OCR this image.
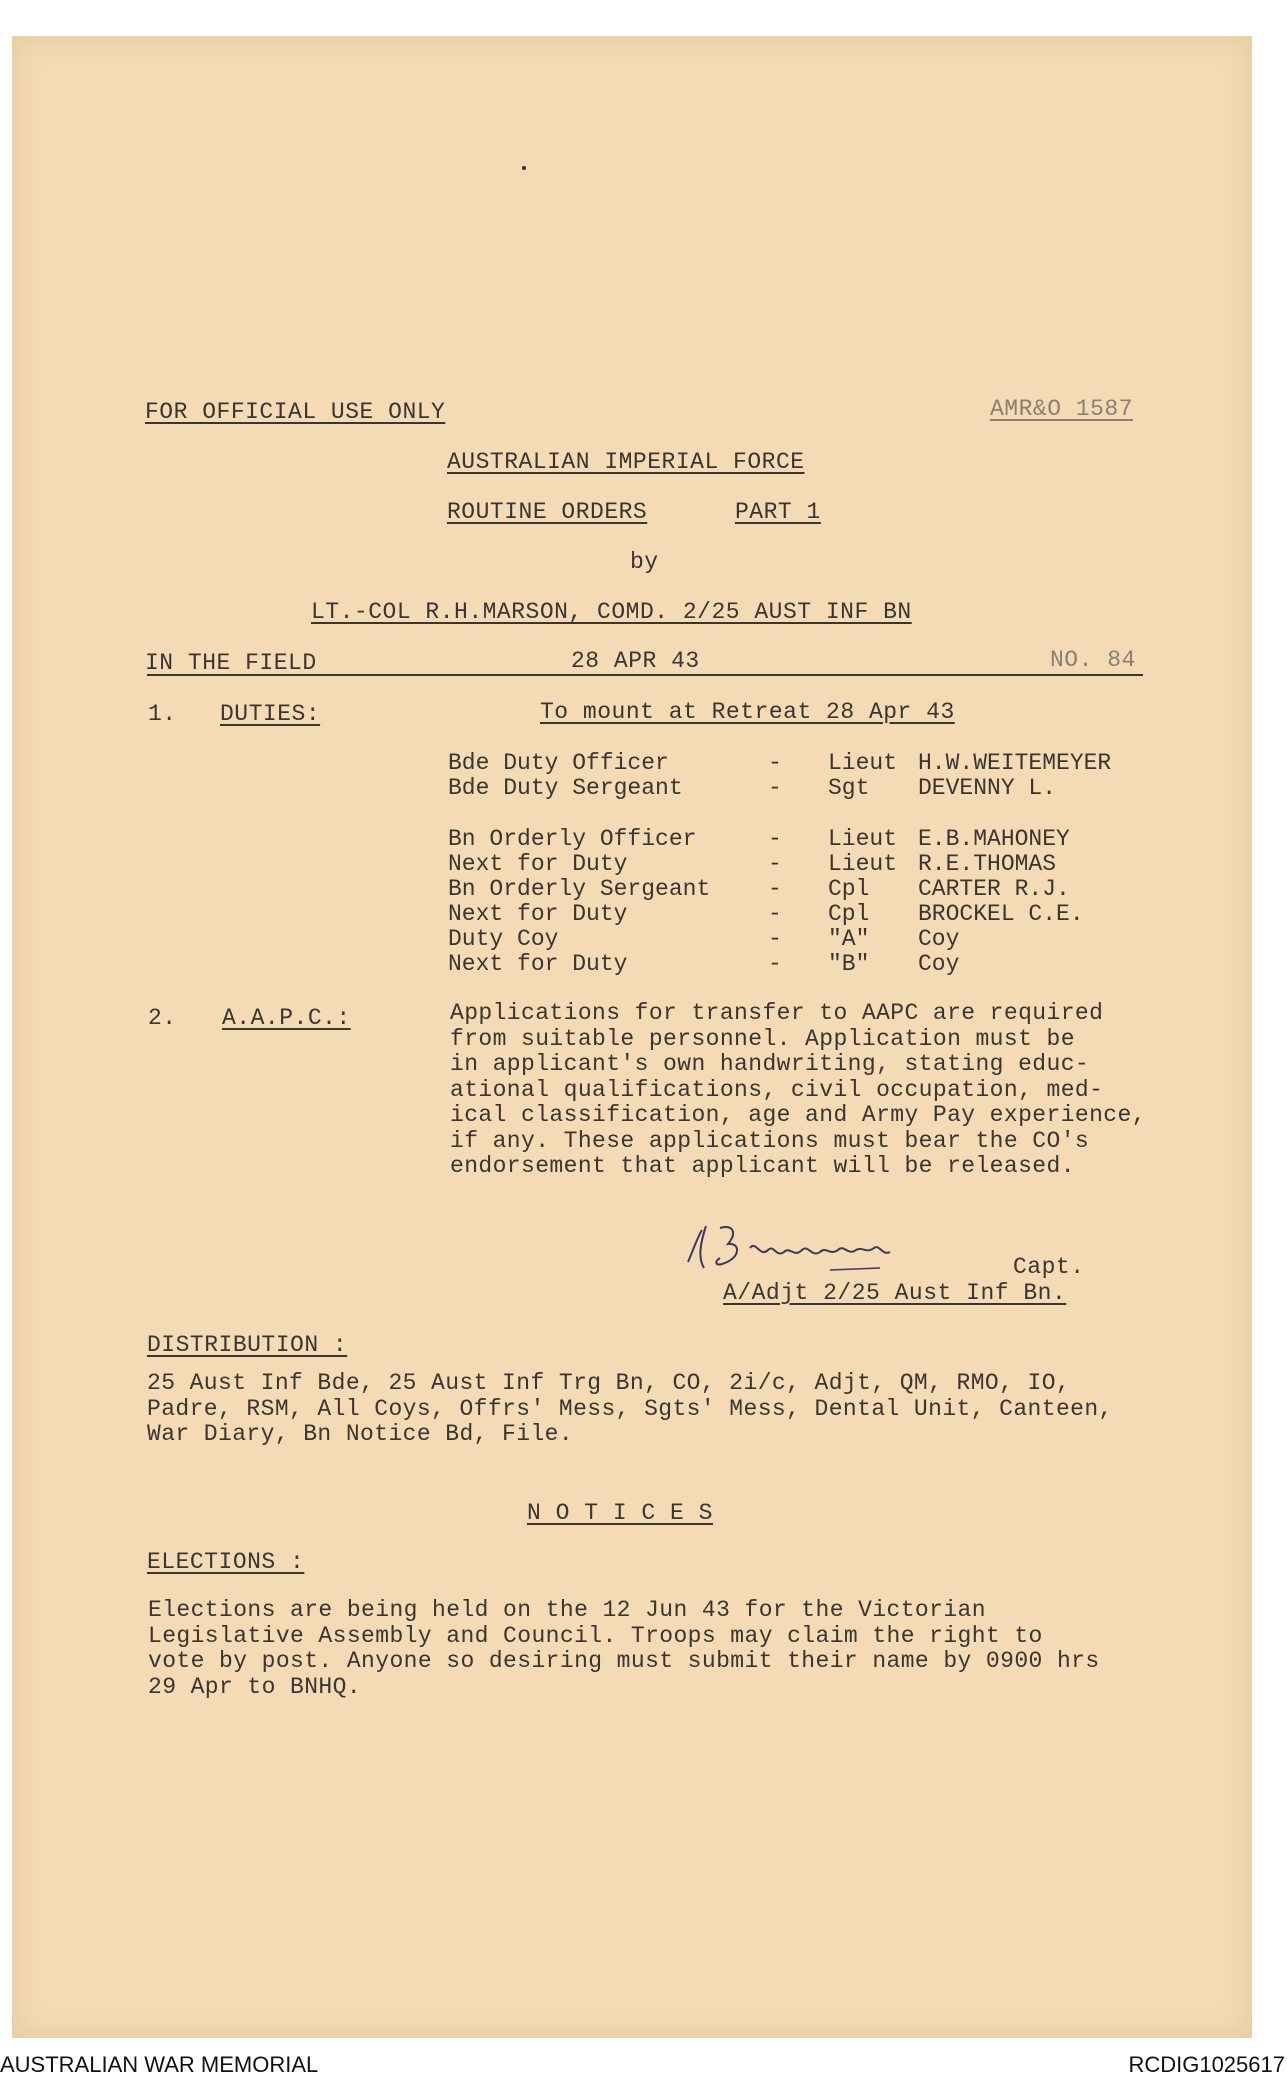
FOR OFFICIAL USE ONLY	AMR&O 1587
AUSTRALIAN IMPERIAL FORCE
ROUTINE ORDERS	PART 1
by
LT.-COL R.H.MARSON, COMD. 2/25 AUST INF BN
IN THE FIELD	28 APR 43	NO. 84
1. DUTIES:	To mount at Retreat 28 Apr 43
Bde Duty Officer	- Lieut H.W.WEITEMEYER
Bde Duty Sergeant	- Sgt DEVENNY L.
Bn Orderly Officer	- Lieut E.B.MAHONEY
Next for Duty	- Lieut R.E.THOMAS
Bn Orderly Sergeant	- Cpl CARTER R.J.
Next for Duty	- Cpl BROCKEL C.E.
Duty Coy	- "A" Coy
Next for Duty	- "B" Coy
2. A.A.P.C.:	Applications for transfer to AAPC are required
from suitable personnel. Application must be
in applicant's own handwriting, stating educ-
ational qualifications, civil occupation, med-
ical classification, age and Army Pay experience,
if any. These applications must bear the CO's
endorsement that applicant will be released.
Capt.
A/Adjt 2/25 Aust Inf Bn.
DISTRIBUTION :
25 Aust Inf Bde, 25 Aust Inf Trg Bn, CO, 2i/c, Adjt, QM, RMO, IO,
Padre, RSM, All Coys, Offrs' Mess, Sgts' Mess, Dental Unit, Canteen,
War Diary, Bn Notice Bd, File.
N O T I C E S
ELECTIONS :
Elections are being held on the 12 Jun 43 for the Victorian
Legislative Assembly and Council. Troops may claim the right to
vote by post. Anyone so desiring must submit their name by 0900 hrs
29 Apr to BNHQ.
AUSTRALIAN WAR MEMORIAL	RCDIG1025617
